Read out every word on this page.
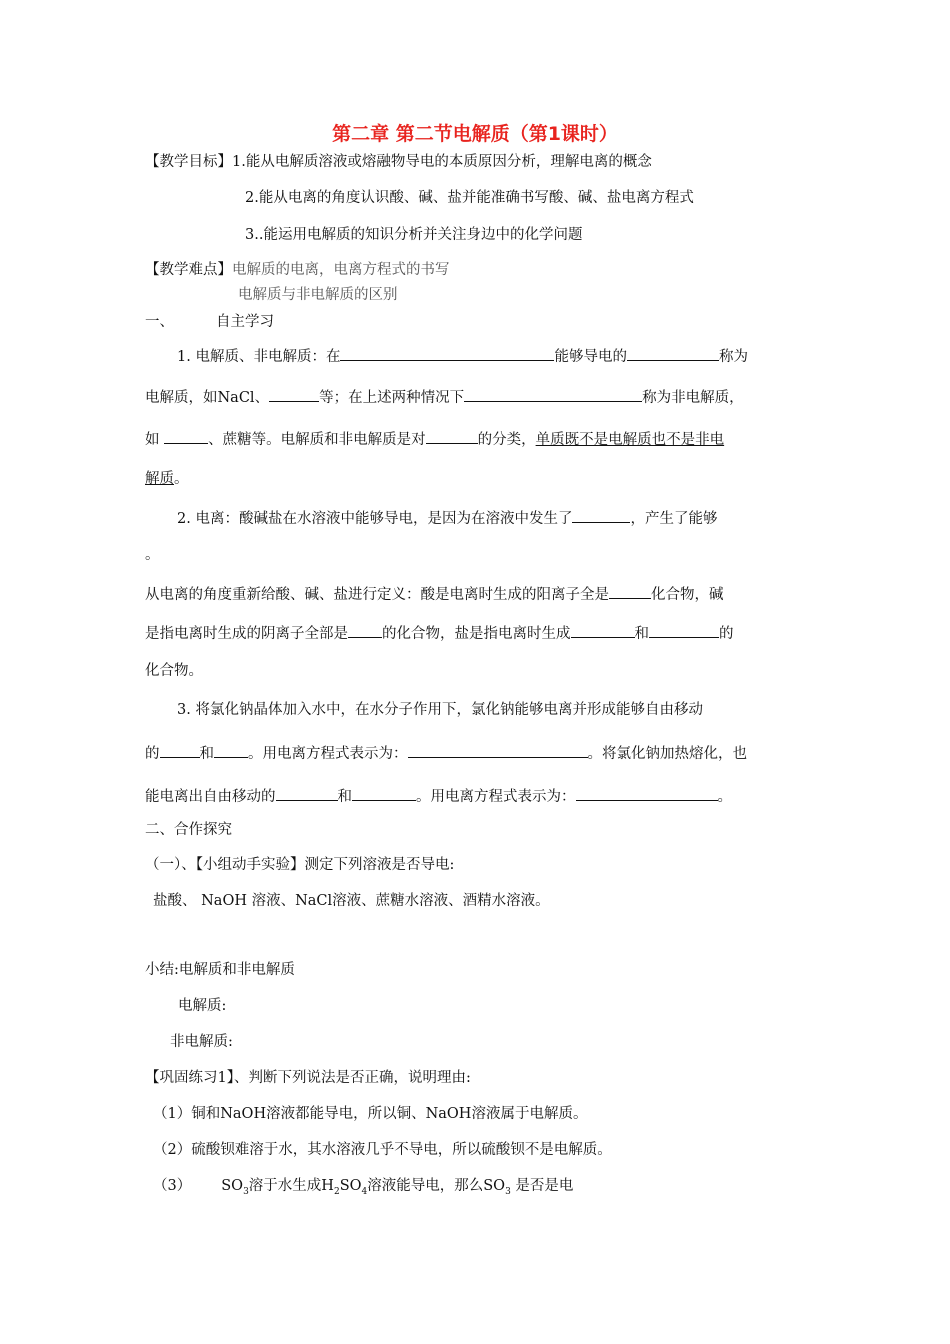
第二章 第二节电解质（第1课时）
【教学目标】1.能从电解质溶液或熔融物导电的本质原因分析，理解电离的概念
2.能从电离的角度认识酸、碱、盐并能准确书写酸、碱、盐电离方程式
3..能运用电解质的知识分析并关注身边中的化学问题
【教学难点】电解质的电离，电离方程式的书写
电解质与非电解质的区别
一、	自主学习
1. 电解质、非电解质：在	能够导电的	称为
电解质，如NaCl、	等；在上述两种情况下	称为非电解质，
如	、蔗糖等。电解质和非电解质是对	的分类，单质既不是电解质也不是非电
解质。
2. 电离：酸碱盐在水溶液中能够导电，是因为在溶液中发生了	，产生了能够
。
从电离的角度重新给酸、碱、盐进行定义：酸是电离时生成的阳离子全是	化合物，碱
是指电离时生成的阴离子全部是 的化合物，盐是指电离时生成	和	的
化合物。
3. 将氯化钠晶体加入水中，在水分子作用下，氯化钠能够电离并形成能够自由移动
的	和 。用电离方程式表示为：	。将氯化钠加热熔化，也
能电离出自由移动的	和	。用电离方程式表示为：	。
二、合作探究
（一）、【小组动手实验】测定下列溶液是否导电:
盐酸、 NaOH 溶液、NaCl溶液、蔗糖水溶液、酒精水溶液。
小结:电解质和非电解质
电解质:
非电解质:
【巩固练习1】、判断下列说法是否正确，说明理由:
（1）铜和NaOH溶液都能导电，所以铜、NaOH溶液属于电解质。
（2）硫酸钡难溶于水，其水溶液几乎不导电，所以硫酸钡不是电解质。
（3） $SO_3$溶于水生成$H_2SO_4$溶液能导电，那么$SO_3$ 是否是电
